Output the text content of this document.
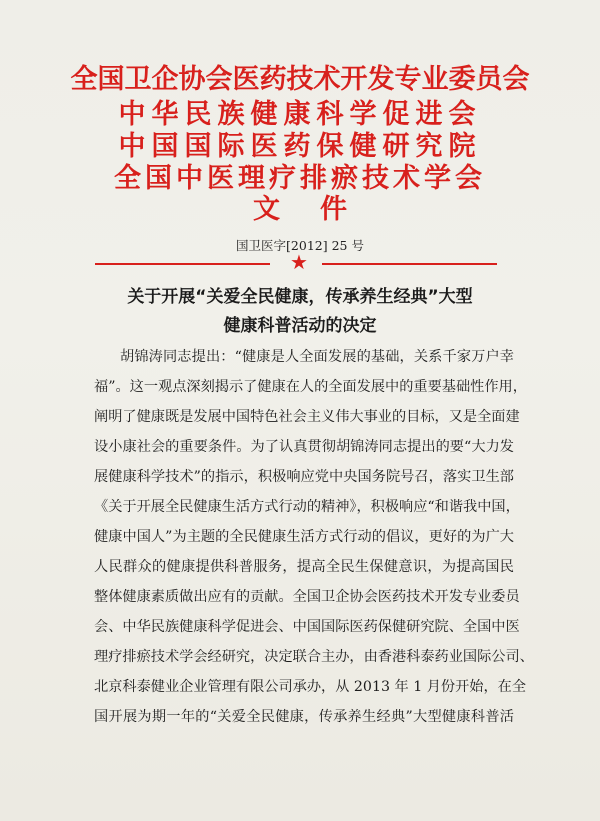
全国卫企协会医药技术开发专业委员会
中华民族健康科学促进会
中国国际医药保健研究院
全国中医理疗排瘀技术学会
文件
国卫医字[2012] 25 号
★
关于开展“关爱全民健康，传承养生经典”大型
健康科普活动的决定
胡锦涛同志提出：“健康是人全面发展的基础，关系千家万户幸
福”。这一观点深刻揭示了健康在人的全面发展中的重要基础性作用，
阐明了健康既是发展中国特色社会主义伟大事业的目标，又是全面建
设小康社会的重要条件。为了认真贯彻胡锦涛同志提出的要“大力发
展健康科学技术”的指示，积极响应党中央国务院号召，落实卫生部
《关于开展全民健康生活方式行动的精神》，积极响应“和谐我中国，
健康中国人”为主题的全民健康生活方式行动的倡议，更好的为广大
人民群众的健康提供科普服务，提高全民生保健意识，为提高国民
整体健康素质做出应有的贡献。全国卫企协会医药技术开发专业委员
会、中华民族健康科学促进会、中国国际医药保健研究院、全国中医
理疗排瘀技术学会经研究，决定联合主办，由香港科泰药业国际公司、
北京科泰健业企业管理有限公司承办，从 2013 年 1 月份开始，在全
国开展为期一年的“关爱全民健康，传承养生经典”大型健康科普活
